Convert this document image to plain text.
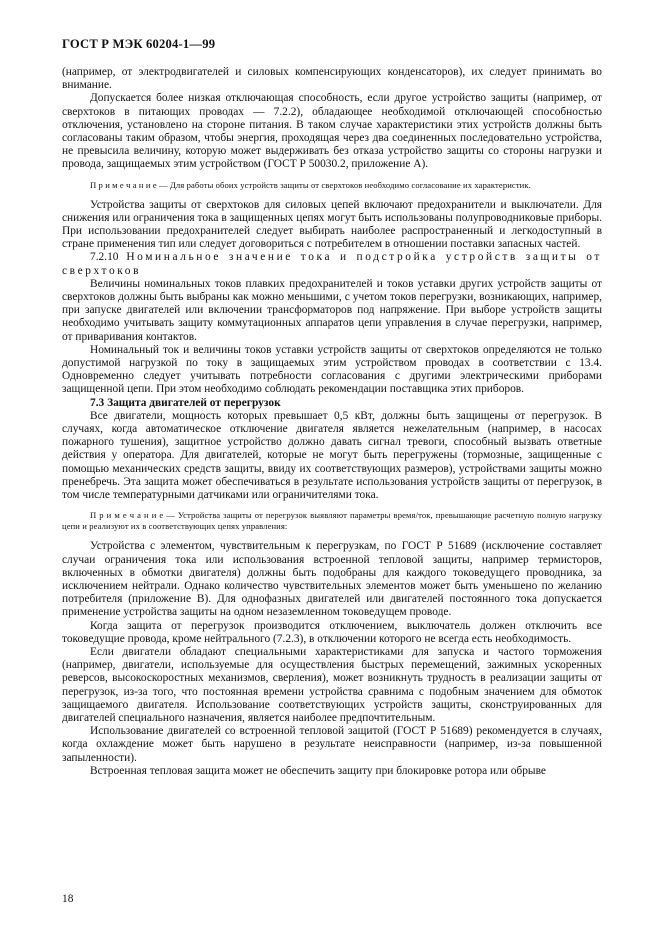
ГОСТ Р МЭК 60204-1—99

(например, от электродвигателей и силовых компенсирующих конденсаторов), их следует принимать во внимание.

Допускается более низкая отключающая способность, если другое устройство защиты (например, от сверхтоков в питающих проводах — 7.2.2), обладающее необходимой отключающей способностью отключения, установлено на стороне питания. В таком случае характеристики этих устройств должны быть согласованы таким образом, чтобы энергия, проходящая через два соединенных последовательно устройства, не превысила величину, которую может выдерживать без отказа устройство защиты со стороны нагрузки и провода, защищаемых этим устройством (ГОСТ Р 50030.2, приложение А).

П р и м е ч а н и е — Для работы обоих устройств защиты от сверхтоков необходимо согласование их характеристик.

Устройства защиты от сверхтоков для силовых цепей включают предохранители и выключатели. Для снижения или ограничения тока в защищенных цепях могут быть использованы полупроводниковые приборы. При использовании предохранителей следует выбирать наиболее распространенный и легкодоступный в стране применения тип или следует договориться с потребителем в отношении поставки запасных частей.

7.2.10 Номинальное значение тока и подстройка устройств защиты от сверхтоков

Величины номинальных токов плавких предохранителей и токов уставки других устройств защиты от сверхтоков должны быть выбраны как можно меньшими, с учетом токов перегрузки, возникающих, например, при запуске двигателей или включении трансформаторов под напряжение. При выборе устройств защиты необходимо учитывать защиту коммутационных аппаратов цепи управления в случае перегрузки, например, от приваривания контактов.

Номинальный ток и величины токов уставки устройств защиты от сверхтоков определяются не только допустимой нагрузкой по току в защищаемых этим устройством проводах в соответствии с 13.4. Одновременно следует учитывать потребности согласования с другими электрическими приборами защищенной цепи. При этом необходимо соблюдать рекомендации поставщика этих приборов.

7.3 Защита двигателей от перегрузок

Все двигатели, мощность которых превышает 0,5 кВт, должны быть защищены от перегрузок. В случаях, когда автоматическое отключение двигателя является нежелательным (например, в насосах пожарного тушения), защитное устройство должно давать сигнал тревоги, способный вызвать ответные действия у оператора. Для двигателей, которые не могут быть перегружены (тормозные, защищенные с помощью механических средств защиты, ввиду их соответствующих размеров), устройствами защиты можно пренебречь. Эта защита может обеспечиваться в результате использования устройств защиты от перегрузок, в том числе температурными датчиками или ограничителями тока.

П р и м е ч а н и е — Устройства защиты от перегрузок выявляют параметры время/ток, превышающие расчетную полную нагрузку цепи и реализуют их в соответствующих цепях управления:

Устройства с элементом, чувствительным к перегрузкам, по ГОСТ Р 51689 (исключение составляет случаи ограничения тока или использования встроенной тепловой защиты, например термисторов, включенных в обмотки двигателя) должны быть подобраны для каждого токоведущего проводника, за исключением нейтрали. Однако количество чувствительных элементов может быть уменьшено по желанию потребителя (приложение В). Для однофазных двигателей или двигателей постоянного тока допускается применение устройства защиты на одном незаземленном токоведущем проводе.

Когда защита от перегрузок производится отключением, выключатель должен отключить все токоведущие провода, кроме нейтрального (7.2.3), в отключении которого не всегда есть необходимость.

Если двигатели обладают специальными характеристиками для запуска и частого торможения (например, двигатели, используемые для осуществления быстрых перемещений, зажимных ускоренных реверсов, высокоскоростных механизмов, сверления), может возникнуть трудность в реализации защиты от перегрузок, из-за того, что постоянная времени устройства сравнима с подобным значением для обмоток защищаемого двигателя. Использование соответствующих устройств защиты, сконструированных для двигателей специального назначения, является наиболее предпочтительным.

Использование двигателей со встроенной тепловой защитой (ГОСТ Р 51689) рекомендуется в случаях, когда охлаждение может быть нарушено в результате неисправности (например, из-за повышенной запыленности).

Встроенная тепловая защита может не обеспечить защиту при блокировке ротора или обрыве

18
